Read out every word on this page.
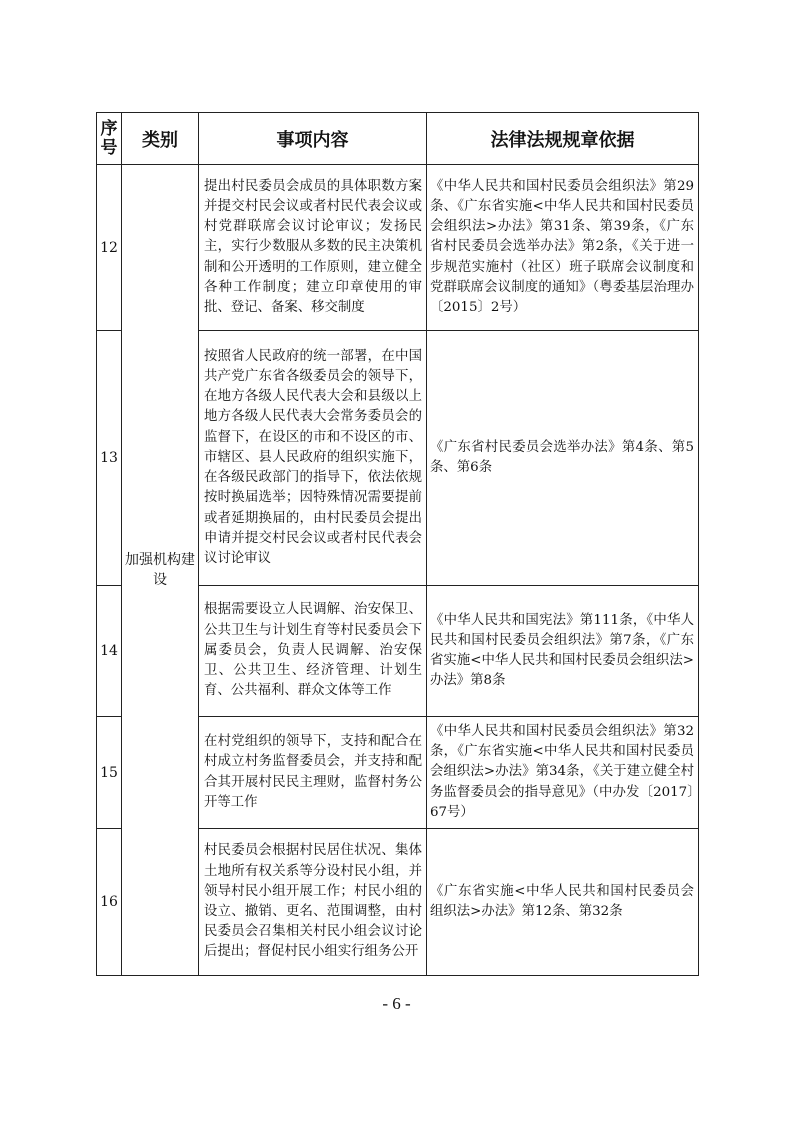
序号	类别	事项内容	法律法规规章依据
12	加强机构建设	提出村民委员会成员的具体职数方案并提交村民会议或者村民代表会议或村党群联席会议讨论审议；发扬民主，实行少数服从多数的民主决策机制和公开透明的工作原则，建立健全各种工作制度；建立印章使用的审批、登记、备案、移交制度	《中华人民共和国村民委员会组织法》第29条、《广东省实施<中华人民共和国村民委员会组织法>办法》第31条、第39条，《广东省村民委员会选举办法》第2条，《关于进一步规范实施村（社区）班子联席会议制度和党群联席会议制度的通知》（粤委基层治理办〔2015〕2号）
13		按照省人民政府的统一部署，在中国共产党广东省各级委员会的领导下，在地方各级人民代表大会和县级以上地方各级人民代表大会常务委员会的监督下，在设区的市和不设区的市、市辖区、县人民政府的组织实施下，在各级民政部门的指导下，依法依规按时换届选举；因特殊情况需要提前或者延期换届的，由村民委员会提出申请并提交村民会议或者村民代表会议讨论审议	《广东省村民委员会选举办法》第4条、第5条、第6条
14		根据需要设立人民调解、治安保卫、公共卫生与计划生育等村民委员会下属委员会，负责人民调解、治安保卫、公共卫生、经济管理、计划生育、公共福利、群众文体等工作	《中华人民共和国宪法》第111条，《中华人民共和国村民委员会组织法》第7条，《广东省实施<中华人民共和国村民委员会组织法>办法》第8条
15		在村党组织的领导下，支持和配合在村成立村务监督委员会，并支持和配合其开展村民民主理财，监督村务公开等工作	《中华人民共和国村民委员会组织法》第32条，《广东省实施<中华人民共和国村民委员会组织法>办法》第34条，《关于建立健全村务监督委员会的指导意见》（中办发〔2017〕67号）
16		村民委员会根据村民居住状况、集体土地所有权关系等分设村民小组，并领导村民小组开展工作；村民小组的设立、撤销、更名、范围调整，由村民委员会召集相关村民小组会议讨论后提出；督促村民小组实行组务公开	《广东省实施<中华人民共和国村民委员会组织法>办法》第12条、第32条
- 6 -
